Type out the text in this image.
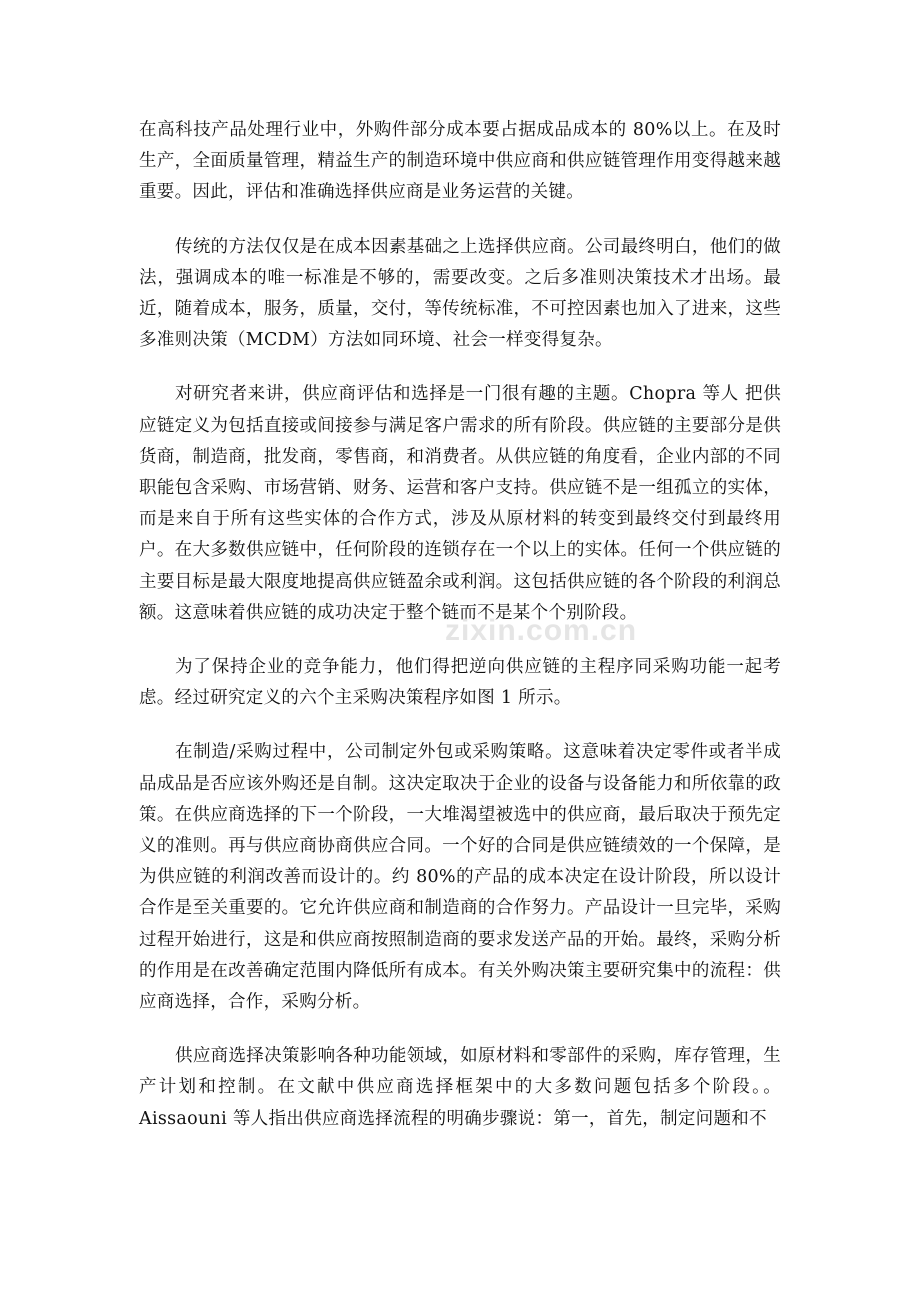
在高科技产品处理行业中，外购件部分成本要占据成品成本的 80%以上。在及时生产，全面质量管理，精益生产的制造环境中供应商和供应链管理作用变得越来越重要。因此，评估和准确选择供应商是业务运营的关键。

传统的方法仅仅是在成本因素基础之上选择供应商。公司最终明白，他们的做法，强调成本的唯一标准是不够的，需要改变。之后多准则决策技术才出场。最近，随着成本，服务，质量，交付，等传统标准，不可控因素也加入了进来，这些多准则决策（MCDM）方法如同环境、社会一样变得复杂。

对研究者来讲，供应商评估和选择是一门很有趣的主题。Chopra 等人 把供应链定义为包括直接或间接参与满足客户需求的所有阶段。供应链的主要部分是供货商，制造商，批发商，零售商，和消费者。从供应链的角度看，企业内部的不同职能包含采购、市场营销、财务、运营和客户支持。供应链不是一组孤立的实体，而是来自于所有这些实体的合作方式，涉及从原材料的转变到最终交付到最终用户。在大多数供应链中，任何阶段的连锁存在一个以上的实体。任何一个供应链的主要目标是最大限度地提高供应链盈余或利润。这包括供应链的各个阶段的利润总额。这意味着供应链的成功决定于整个链而不是某个个别阶段。

为了保持企业的竞争能力，他们得把逆向供应链的主程序同采购功能一起考虑。经过研究定义的六个主采购决策程序如图 1 所示。

在制造/采购过程中，公司制定外包或采购策略。这意味着决定零件或者半成品成品是否应该外购还是自制。这决定取决于企业的设备与设备能力和所依靠的政策。在供应商选择的下一个阶段，一大堆渴望被选中的供应商，最后取决于预先定义的准则。再与供应商协商供应合同。一个好的合同是供应链绩效的一个保障，是为供应链的利润改善而设计的。约 80%的产品的成本决定在设计阶段，所以设计合作是至关重要的。它允许供应商和制造商的合作努力。产品设计一旦完毕，采购过程开始进行，这是和供应商按照制造商的要求发送产品的开始。最终，采购分析的作用是在改善确定范围内降低所有成本。有关外购决策主要研究集中的流程：供应商选择，合作，采购分析。

供应商选择决策影响各种功能领域，如原材料和零部件的采购，库存管理，生产计划和控制。在文献中供应商选择框架中的大多数问题包括多个阶段。。Aissaouni 等人指出供应商选择流程的明确步骤说：第一，首先，制定问题和不

zixin.com.cn
